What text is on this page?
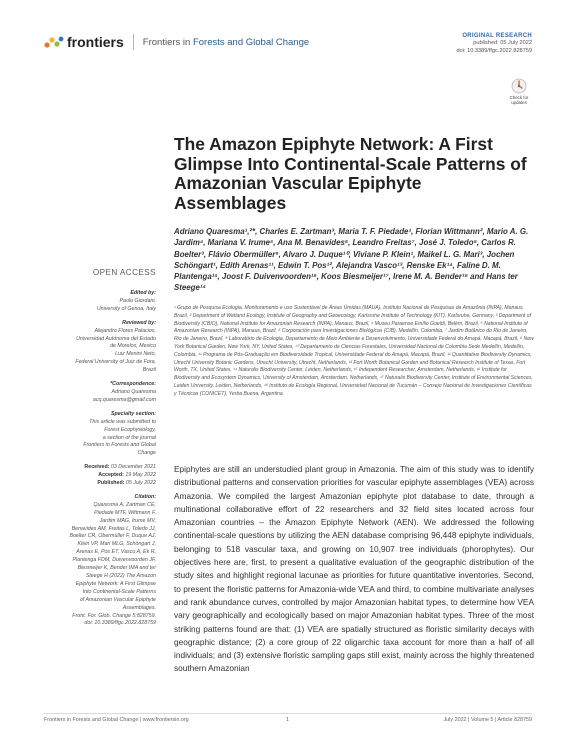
frontiers Frontiers in Forests and Global Change
ORIGINAL RESEARCH
published: 05 July 2022
doi: 10.3389/ffgc.2022.828759
Check for updates
The Amazon Epiphyte Network: A First Glimpse Into Continental-Scale Patterns of Amazonian Vascular Epiphyte Assemblages
Adriano Quaresma¹,²*, Charles E. Zartman³, Maria T. F. Piedade¹, Florian Wittmann², Mario A. G. Jardim⁴, Mariana V. Irume⁵, Ana M. Benavides⁶, Leandro Freitas⁷, José J. Toledo⁸, Carlos R. Boelter³, Flávio Obermüller⁹, Alvaro J. Duque¹⁰, Viviane P. Klein¹, Maikel L. G. Mari³, Jochen Schöngart¹, Edith Arenas¹¹, Edwin T. Pos¹², Alejandra Vasco¹³, Renske Ek¹⁴, Faline D. M. Plantenga¹⁵, Joost F. Duivenvoorden¹⁶, Koos Biesmeijer¹⁷, Irene M. A. Bender¹⁸ and Hans ter Steege¹⁴
¹ Grupo de Pesquisa Ecologia, Monitoramento e uso Sustentável de Áreas Úmidas (MAUA), Instituto Nacional de Pesquisas da Amazônia (INPA), Manaus, Brazil, ² Department of Wetland Ecology, Institute of Geography and Geoecology, Karlsruhe Institute of Technology (KIT), Karlsruhe, Germany, ³ Department of Biodiversity (CBIO), National Institute for Amazonian Research (INPA), Manaus, Brazil, ⁴ Museu Paraense Emílio Goeldi, Belém, Brazil, ⁵ National Institute of Amazonian Research (INPA), Manaus, Brazil, ⁶ Corporación para Investigaciones Biológicas (CIB), Medellín, Colombia, ⁷ Jardim Botânico do Rio de Janeiro, Rio de Janeiro, Brazil, ⁸ Laboratório de Ecologia, Departamento de Meio Ambiente e Desenvolvimento, Universidade Federal do Amapá, Macapá, Brazil, ⁹ New York Botanical Garden, New York, NY, United States, ¹⁰ Departamento de Ciencias Forestales, Universidad Nacional de Colombia Sede Medellín, Medellín, Colombia, ¹¹ Programa de Pós-Graduação em Biodiversidade Tropical, Universidade Federal do Amapá, Macapá, Brazil, ¹² Quantitative Biodiversity Dynamics, Utrecht University Botanic Gardens, Utrecht University, Utrecht, Netherlands, ¹³ Fort Worth Botanical Garden and Botanical Research Institute of Texas, Fort Worth, TX, United States, ¹⁴ Naturalis Biodiversity Center, Leiden, Netherlands, ¹⁵ Independent Researcher, Amsterdam, Netherlands, ¹⁶ Institute for Biodiversity and Ecosystem Dynamics, University of Amsterdam, Amsterdam, Netherlands, ¹⁷ Naturalis Biodiversity Center, Institute of Environmental Sciences, Leiden University, Leiden, Netherlands, ¹⁸ Instituto de Ecología Regional, Universidad Nacional de Tucumán – Consejo Nacional de Investigaciones Científicas y Técnicas (CONICET), Yerba Buena, Argentina
OPEN ACCESS
Edited by:
Paolo Giordani,
University of Genoa, Italy
Reviewed by:
Alejandro Flores Palacios,
Universidad Autónoma del Estado
de Morelos, Mexico
Luiz Menini Neto,
Federal University of Juiz de Fora,
Brazil
*Correspondence:
Adriano Quaresma
acq.quaresma@gmail.com
Specialty section:
This article was submitted to
Forest Ecophysiology,
a section of the journal
Frontiers in Forests and Global
Change
Received: 03 December 2021
Accepted: 19 May 2022
Published: 05 July 2022
Citation:
Quaresma A, Zartman CE,
Piedade MTF, Wittmann F,
Jardim MAG, Irume MV,
Benavides AM, Freitas L, Toledo JJ,
Boelter CR, Obermüller F, Duque AJ,
Klein VP, Mari MLG, Schöngart J,
Arenas E, Pos ET, Vasco A, Ek R,
Plantenga FDM, Duivenvoorden JF,
Biesmeijer K, Bender IMA and ter
Steege H (2022) The Amazon
Epiphyte Network: A First Glimpse
Into Continental-Scale Patterns
of Amazonian Vascular Epiphyte
Assemblages.
Front. For. Glob. Change 5:828759.
doi: 10.3389/ffgc.2022.828759
Epiphytes are still an understudied plant group in Amazonia. The aim of this study was to identify distributional patterns and conservation priorities for vascular epiphyte assemblages (VEA) across Amazonia. We compiled the largest Amazonian epiphyte plot database to date, through a multinational collaborative effort of 22 researchers and 32 field sites located across four Amazonian countries – the Amazon Epiphyte Network (AEN). We addressed the following continental-scale questions by utilizing the AEN database comprising 96,448 epiphyte individuals, belonging to 518 vascular taxa, and growing on 10,907 tree individuals (phorophytes). Our objectives here are, first, to present a qualitative evaluation of the geographic distribution of the study sites and highlight regional lacunae as priorities for future quantitative inventories. Second, to present the floristic patterns for Amazonia-wide VEA and third, to combine multivariate analyses and rank abundance curves, controlled by major Amazonian habitat types, to determine how VEA vary geographically and ecologically based on major Amazonian habitat types. Three of the most striking patterns found are that: (1) VEA are spatially structured as floristic similarity decays with geographic distance; (2) a core group of 22 oligarchic taxa account for more than a half of all individuals; and (3) extensive floristic sampling gaps still exist, mainly across the highly threatened southern Amazonian
Frontiers in Forests and Global Change | www.frontiersin.org	1	July 2022 | Volume 5 | Article 828759
